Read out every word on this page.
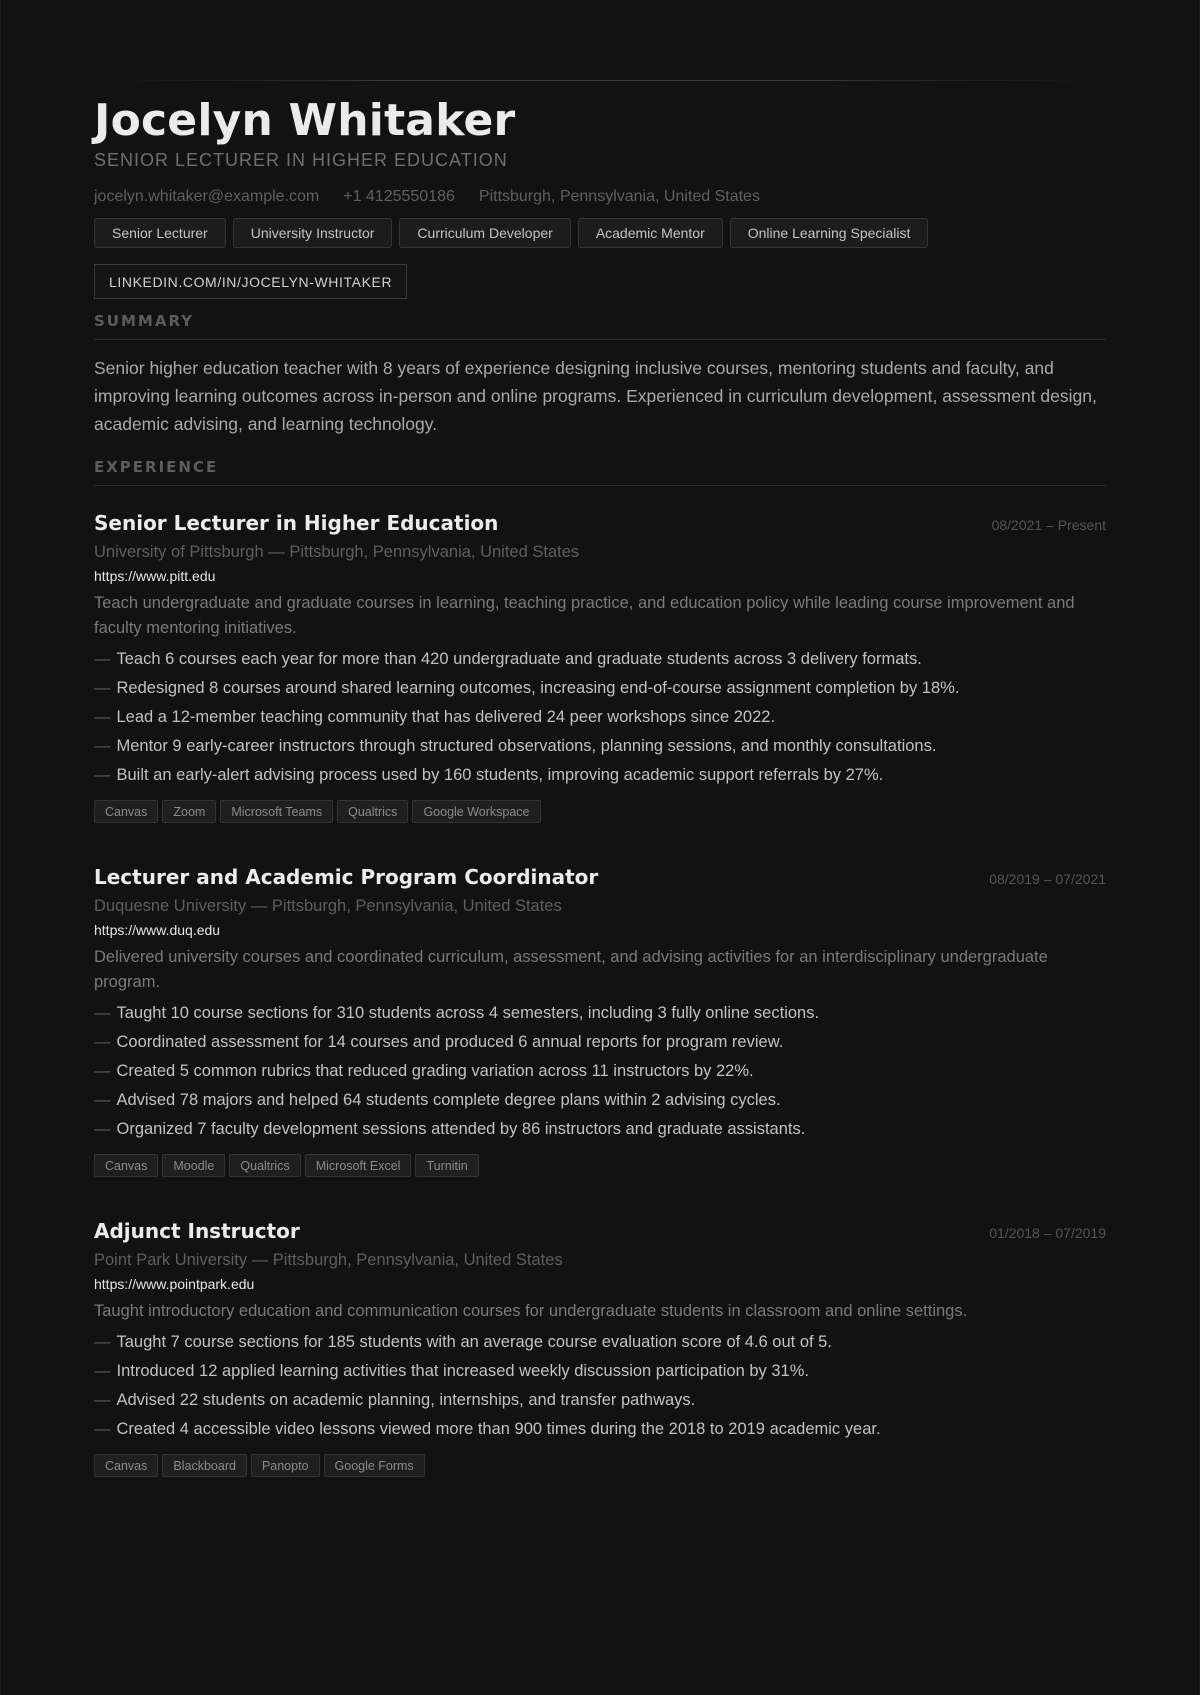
Jocelyn Whitaker
SENIOR LECTURER IN HIGHER EDUCATION
jocelyn.whitaker@example.com +1 4125550186 Pittsburgh, Pennsylvania, United States
Senior Lecturer	University Instructor	Curriculum Developer	Academic Mentor	Online Learning Specialist
LINKEDIN.COM/IN/JOCELYN-WHITAKER
SUMMARY

Senior higher education teacher with 8 years of experience designing inclusive courses, mentoring students and faculty, and improving learning outcomes across in-person and online programs. Experienced in curriculum development, assessment design, academic advising, and learning technology.

EXPERIENCE
Senior Lecturer in Higher Education	08/2021 – Present
University of Pittsburgh — Pittsburgh, Pennsylvania, United States
https://www.pitt.edu
Teach undergraduate and graduate courses in learning, teaching practice, and education policy while leading course improvement and faculty mentoring initiatives.
— Teach 6 courses each year for more than 420 undergraduate and graduate students across 3 delivery formats.
— Redesigned 8 courses around shared learning outcomes, increasing end-of-course assignment completion by 18%.
— Lead a 12-member teaching community that has delivered 24 peer workshops since 2022.
— Mentor 9 early-career instructors through structured observations, planning sessions, and monthly consultations.
— Built an early-alert advising process used by 160 students, improving academic support referrals by 27%.
Canvas	Zoom	Microsoft Teams	Qualtrics	Google Workspace
Lecturer and Academic Program Coordinator	08/2019 – 07/2021
Duquesne University — Pittsburgh, Pennsylvania, United States
https://www.duq.edu
Delivered university courses and coordinated curriculum, assessment, and advising activities for an interdisciplinary undergraduate program.
— Taught 10 course sections for 310 students across 4 semesters, including 3 fully online sections.
— Coordinated assessment for 14 courses and produced 6 annual reports for program review.
— Created 5 common rubrics that reduced grading variation across 11 instructors by 22%.
— Advised 78 majors and helped 64 students complete degree plans within 2 advising cycles.
— Organized 7 faculty development sessions attended by 86 instructors and graduate assistants.
Canvas	Moodle	Qualtrics	Microsoft Excel	Turnitin
Adjunct Instructor	01/2018 – 07/2019
Point Park University — Pittsburgh, Pennsylvania, United States
https://www.pointpark.edu
Taught introductory education and communication courses for undergraduate students in classroom and online settings.
— Taught 7 course sections for 185 students with an average course evaluation score of 4.6 out of 5.
— Introduced 12 applied learning activities that increased weekly discussion participation by 31%.
— Advised 22 students on academic planning, internships, and transfer pathways.
— Created 4 accessible video lessons viewed more than 900 times during the 2018 to 2019 academic year.
Canvas	Blackboard	Panopto	Google Forms
